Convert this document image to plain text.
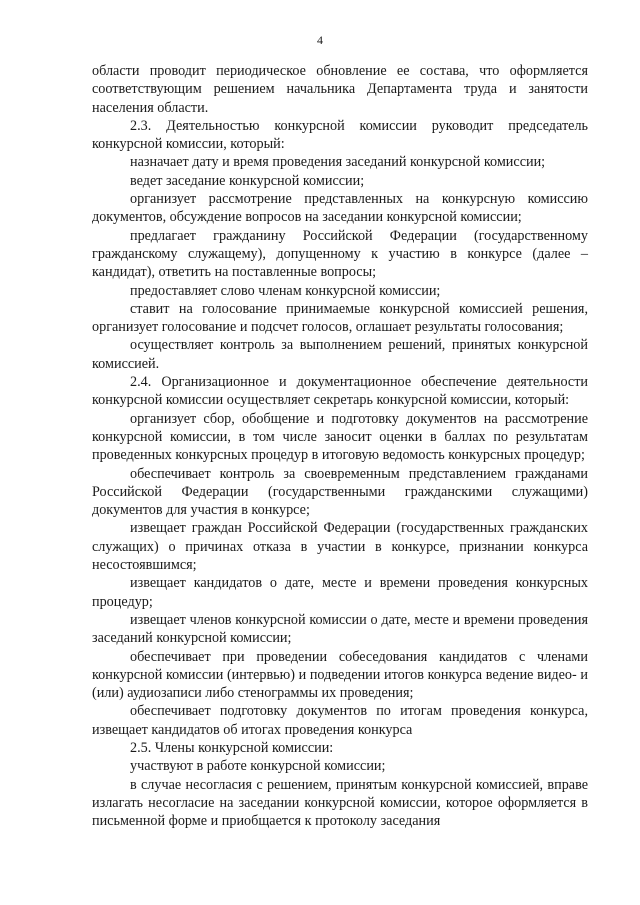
4

области проводит периодическое обновление ее состава, что оформляется соответствующим решением начальника Департамента труда и занятости населения области.

2.3. Деятельностью конкурсной комиссии руководит председатель конкурсной комиссии, который:

назначает дату и время проведения заседаний конкурсной комиссии;

ведет заседание конкурсной комиссии;

организует рассмотрение представленных на конкурсную комиссию документов, обсуждение вопросов на заседании конкурсной комиссии;

предлагает гражданину Российской Федерации (государственному гражданскому служащему), допущенному к участию в конкурсе (далее – кандидат), ответить на поставленные вопросы;

предоставляет слово членам конкурсной комиссии;

ставит на голосование принимаемые конкурсной комиссией решения, организует голосование и подсчет голосов, оглашает результаты голосования;

осуществляет контроль за выполнением решений, принятых конкурсной комиссией.

2.4. Организационное и документационное обеспечение деятельности конкурсной комиссии осуществляет секретарь конкурсной комиссии, который:

организует сбор, обобщение и подготовку документов на рассмотрение конкурсной комиссии, в том числе заносит оценки в баллах по результатам проведенных конкурсных процедур в итоговую ведомость конкурсных процедур;

обеспечивает контроль за своевременным представлением гражданами Российской Федерации (государственными гражданскими служащими) документов для участия в конкурсе;

извещает граждан Российской Федерации (государственных гражданских служащих) о причинах отказа в участии в конкурсе, признании конкурса несостоявшимся;

извещает кандидатов о дате, месте и времени проведения конкурсных процедур;

извещает членов конкурсной комиссии о дате, месте и времени проведения заседаний конкурсной комиссии;

обеспечивает при проведении собеседования кандидатов с членами конкурсной комиссии (интервью) и подведении итогов конкурса ведение видео- и (или) аудиозаписи либо стенограммы их проведения;

обеспечивает подготовку документов по итогам проведения конкурса, извещает кандидатов об итогах проведения конкурса

2.5. Члены конкурсной комиссии:

участвуют в работе конкурсной комиссии;

в случае несогласия с решением, принятым конкурсной комиссией, вправе излагать несогласие на заседании конкурсной комиссии, которое оформляется в письменной форме и приобщается к протоколу заседания
